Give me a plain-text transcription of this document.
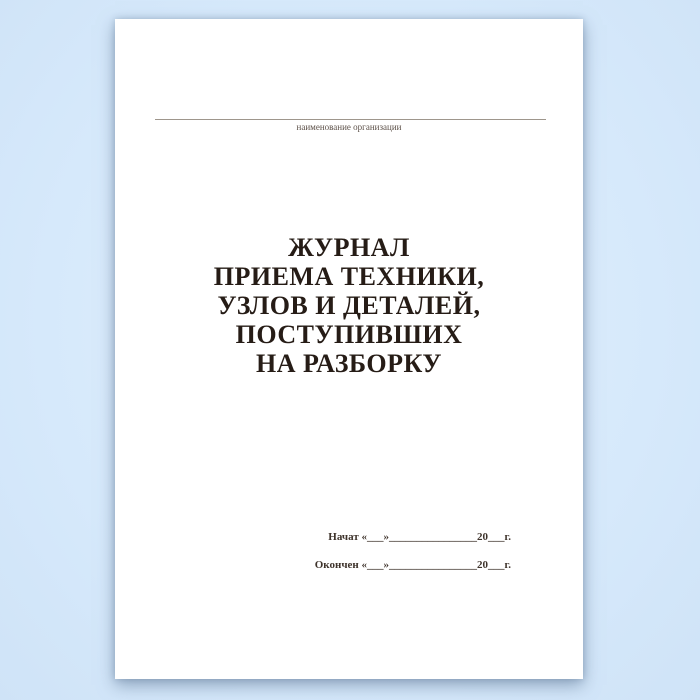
наименование организации
ЖУРНАЛ
ПРИЕМА ТЕХНИКИ,
УЗЛОВ И ДЕТАЛЕЙ,
ПОСТУПИВШИХ
НА РАЗБОРКУ
Начат «___»________________20___г.
Окончен «___»________________20___г.
